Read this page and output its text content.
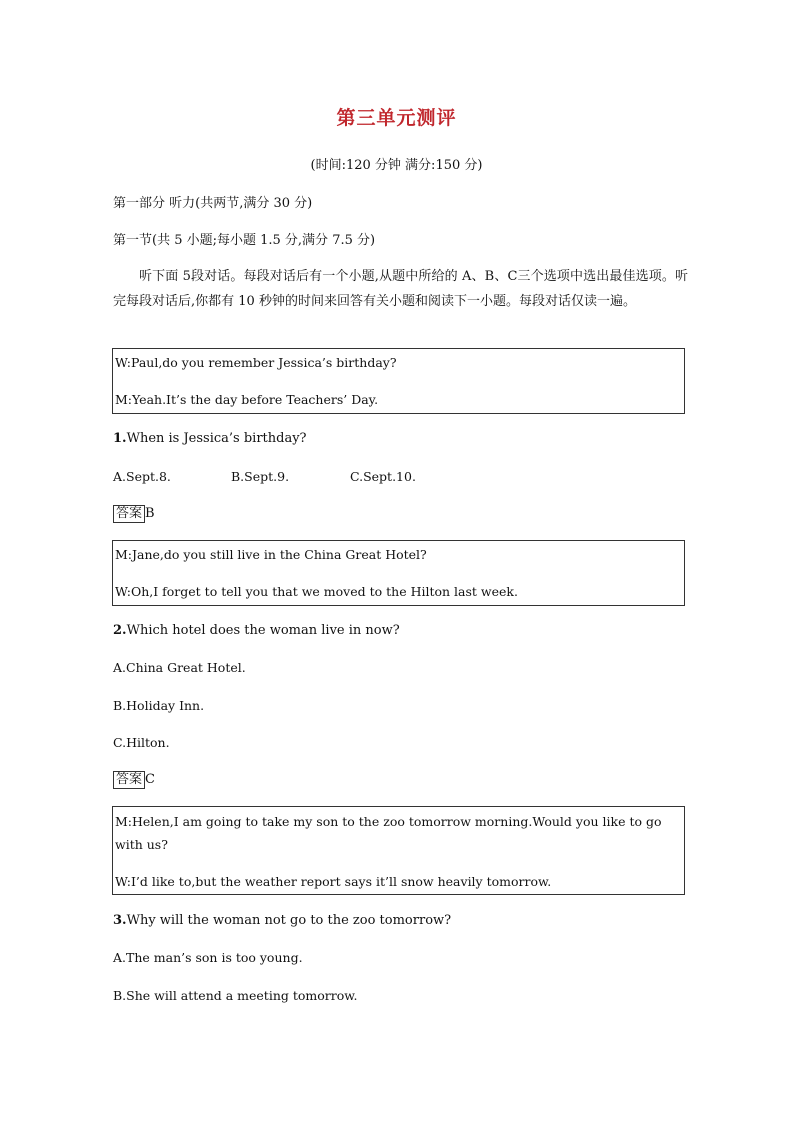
第三单元测评
(时间:120 分钟 满分:150 分)
第一部分 听力(共两节,满分 30 分)
第一节(共 5 小题;每小题 1.5 分,满分 7.5 分)
听下面 5段对话。每段对话后有一个小题,从题中所给的 A、B、C三个选项中选出最佳选项。听完每段对话后,你都有 10 秒钟的时间来回答有关小题和阅读下一小题。每段对话仅读一遍。
W:Paul,do you remember Jessica’s birthday?
M:Yeah.It’s the day before Teachers’ Day.
1.When is Jessica’s birthday?
A.Sept.8.	B.Sept.9.	C.Sept.10.
答案 B
M:Jane,do you still live in the China Great Hotel?
W:Oh,I forget to tell you that we moved to the Hilton last week.
2.Which hotel does the woman live in now?
A.China Great Hotel.
B.Holiday Inn.
C.Hilton.
答案 C
M:Helen,I am going to take my son to the zoo tomorrow morning.Would you like to go with us?
W:I’d like to,but the weather report says it’ll snow heavily tomorrow.
3.Why will the woman not go to the zoo tomorrow?
A.The man’s son is too young.
B.She will attend a meeting tomorrow.
